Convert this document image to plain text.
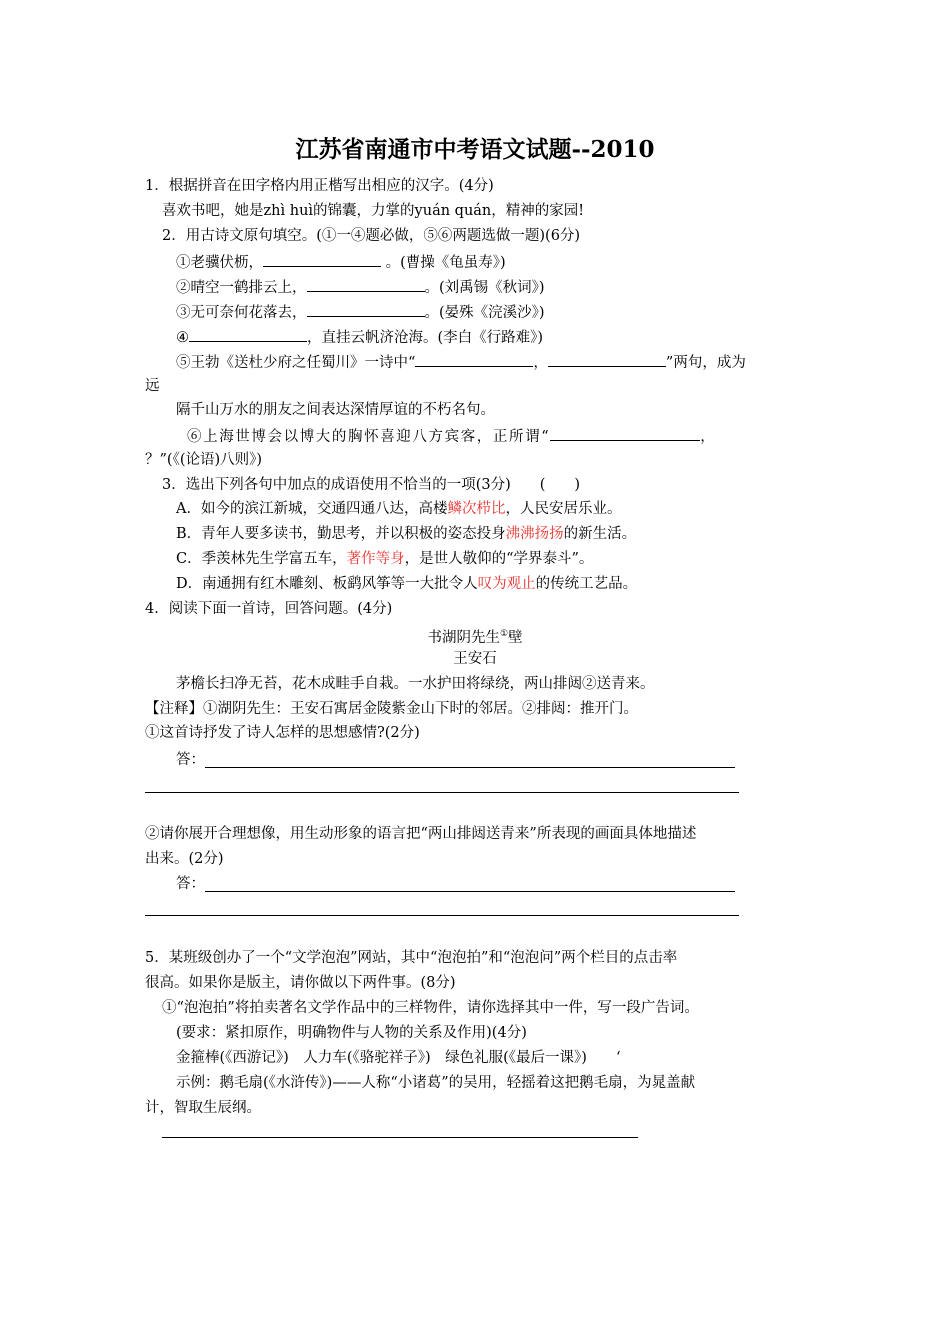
江苏省南通市中考语文试题--2010
1．根据拼音在田字格内用正楷写出相应的汉字。(4分)
喜欢书吧，她是zhì huì的锦囊，力掌的yuán quán，精神的家园!
2．用古诗文原句填空。(①一④题必做，⑤⑥两题选做一题)(6分)
①老骥伏枥，	。(曹操《龟虽寿》)
②晴空一鹤排云上，	。(刘禹锡《秋词》)
③无可奈何花落去，	。(晏殊《浣溪沙》)
④	，直挂云帆济沧海。(李白《行路难》)
⑤王勃《送杜少府之任蜀川》一诗中“	，	”两句，成为
远
隔千山万水的朋友之间表达深情厚谊的不朽名句。
⑥上海世博会以博大的胸怀喜迎八方宾客，正所谓“	，
？”(《(论语)八则》)
3．选出下列各句中加点的成语使用不恰当的一项(3分)　　(　　)
A．如今的滨江新城，交通四通八达，高楼鳞次栉比，人民安居乐业。
B．青年人要多读书，勤思考，并以积极的姿态投身沸沸扬扬的新生活。
C．季羡林先生学富五车，著作等身，是世人敬仰的“学界泰斗”。
D．南通拥有红木雕刻、板鹞风筝等一大批令人叹为观止的传统工艺品。
4．阅读下面一首诗，回答问题。(4分)
书湖阴先生①壁
王安石
茅檐长扫净无苔，花木成畦手自栽。一水护田将绿绕，两山排闼②送青来。
【注释】①湖阴先生：王安石寓居金陵紫金山下时的邻居。②排闼：推开门。
①这首诗抒发了诗人怎样的思想感情?(2分)
答：
②请你展开合理想像，用生动形象的语言把“两山排闼送青来”所表现的画面具体地描述
出来。(2分)
答：
5．某班级创办了一个“文学泡泡”网站，其中“泡泡拍”和“泡泡问”两个栏目的点击率
很高。如果你是版主，请你做以下两件事。(8分)
①“泡泡拍”将拍卖著名文学作品中的三样物件，请你选择其中一件，写一段广告词。
(要求：紧扣原作，明确物件与人物的关系及作用)(4分)
金箍棒(《西游记》)　人力车(《骆驼祥子》)　绿色礼服(《最后一课》)　　‘
示例：鹅毛扇(《水浒传》)——人称“小诸葛”的吴用，轻摇着这把鹅毛扇，为晁盖献
计，智取生辰纲。
